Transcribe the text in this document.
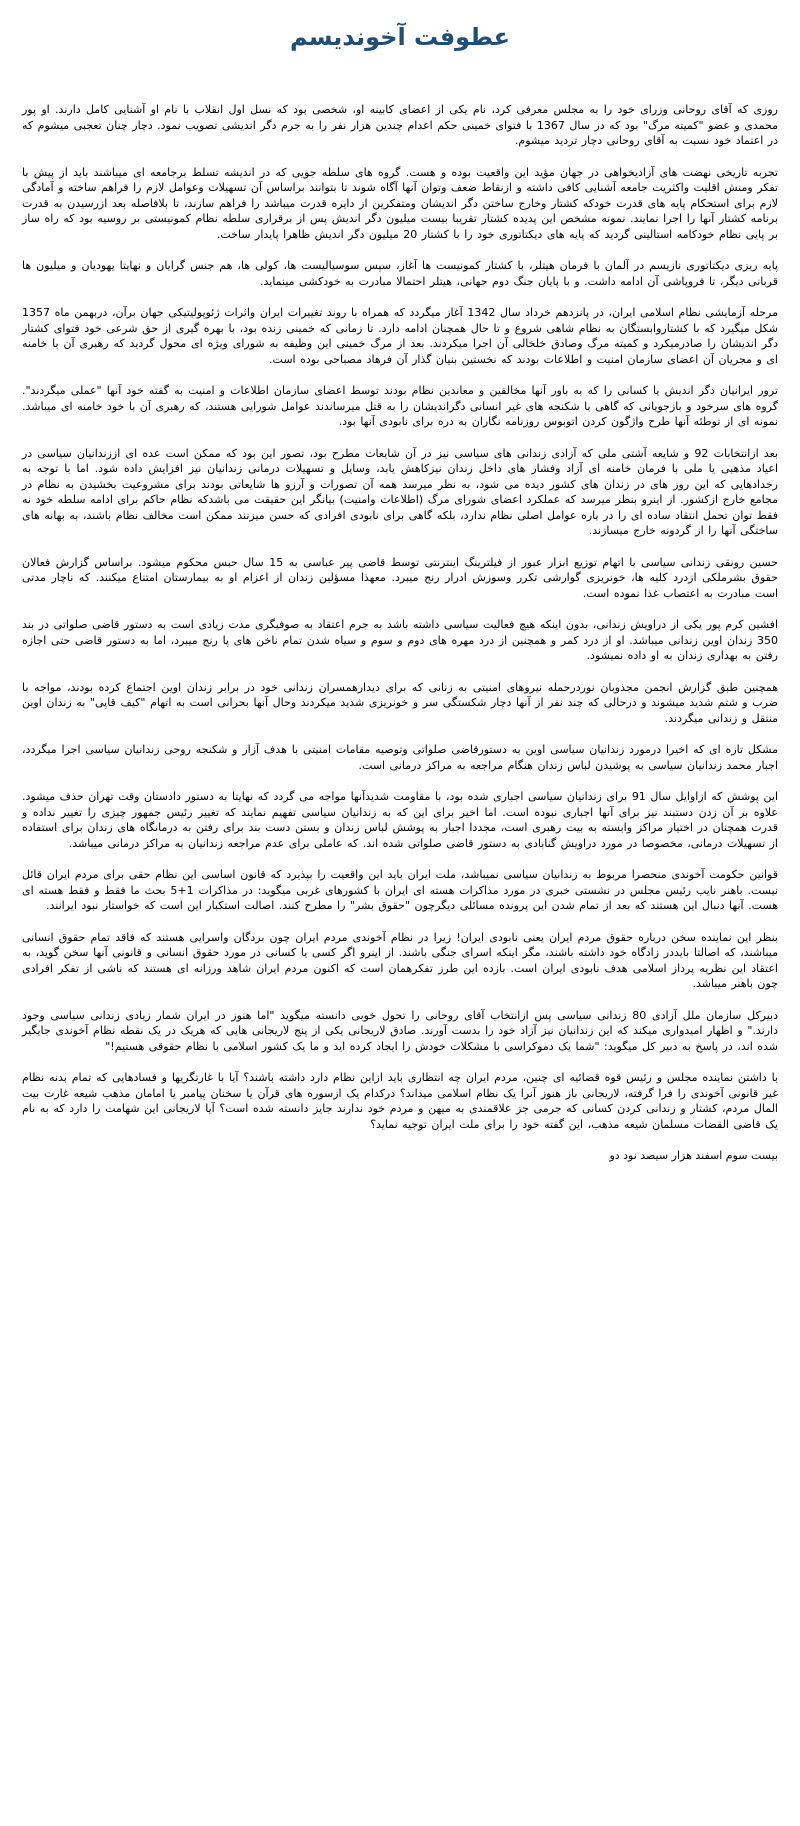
عطوفت آخوندیسم

روزی که آقای روحانی وزرای خود را به مجلس معرفی کرد، نام یکی از اعضای کابینه او، شخصی بود که نسل اول انقلاب با نام او آشنایی کامل دارند. او پور محمدی و عضو "کمیته مرگ" بود که در سال 1367 با فتوای خمینی حکم اعدام چندین هزار نفر را به جرم دگر اندیشی تصویب نمود. دچار چنان تعجبی میشوم که در اعتماد خود نسبت به آقای روحانی دچار تردید میشوم.

تجربه تاریخی نهضت های آزادیخواهی در جهان مؤید این واقعیت بوده و هست. گروه های سلطه جویی که در اندیشه تسلط برجامعه ای میباشند باید از پیش با تفکر ومنش اقلیت واکثریت جامعه آشنایی کافی داشته و ازنقاط ضعف وتوان آنها آگاه شوند تا بتوانند براساس آن تسهیلات وعوامل لازم را فراهم ساخته و آمادگی لازم برای استحکام پایه های قدرت خودکه کشتار وخارج ساختن دگر اندیشان ومتفکرین از دایره قدرت میباشد را فراهم سازند، تا بلافاصله بعد ازرسیدن به قدرت برنامه کشتار آنها را اجرا نمایند. نمونه مشخص این پدیده کشتار تقریبا بیست میلیون دگر اندیش پس از برقراری سلطه نظام کمونیستی بر روسیه بود که راه ساز بر پایی نظام خودکامه استالینی گردید که پایه های دیکتاتوری خود را با کشتار 20 میلیون دگر اندیش ظاهرا پایدار ساخت.

پایه ریزی دیکتاتوری نازیسم در آلمان با فرمان هیتلر، با کشتار کمونیست ها آغاز، سپس سوسیالیست ها، کولی ها، هم جنس گرایان و نهایتا یهودیان و میلیون ها قربانی دیگر، تا فروپاشی آن ادامه داشت. و با پایان جنگ دوم جهانی، هیتلر احتمالا مبادرت به خودکشی مینماید.

مرحله آزمایشی نظام اسلامی ایران، در پانزدهم خرداد سال 1342 آغاز میگردد که همراه با روند تغییرات ایران واثرات ژئوپولیتیکی جهان برآن، دربهمن ماه 1357 شکل میگیرد که با کشتاروابستگان به نظام شاهی شروع و تا حال همچنان ادامه دارد. تا زمانی که خمینی زنده بود، با بهره گیری از حق شرعی خود فتوای کشتار دگر اندیشان را صادرمیکرد و کمیته مرگ وصادق خلخالی آن اجرا میکردند. بعد از مرگ خمینی این وظیفه به شورای ویژه ای محول گردید که رهبری آن با خامنه ای و مجریان آن اعضای سازمان امنیت و اطلاعات بودند که نخستین بنیان گذار آن فرهاد مصباحی بوده است.

ترور ایرانیان دگر اندیش یا کسانی را که به باور آنها مخالفین و معاندین نظام بودند توسط اعضای سازمان اطلاعات و امنیت به گفته خود آنها "عملی میگردند". گروه های سرخود و بازجویانی که گاهی با شکنجه های غیر انسانی دگراندیشان را به قتل میرساندند عوامل شورایی هستند، که رهبری آن با خود خامنه ای میباشد. نمونه ای از توطئه آنها طرح واژگون کردن اتوبوس روزنامه نگاران به دره برای نابودی آنها بود.

بعد ازانتخابات 92 و شایعه آشتی ملی که آزادی زندانی های سیاسی نیز در آن شایعات مطرح بود، تصور این بود که ممکن است عده ای اززندانیان سیاسی در اعیاد مذهبی یا ملی با فرمان خامنه ای آزاد وفشار های داخل زندان نیزکاهش یابد، وسایل و تسهیلات درمانی زندانیان نیز افزایش داده شود. اما با توجه به رخدادهایی که این روز های در زندان های کشور دیده می شود، به نظر میرسد همه آن تصورات و آرزو ها شایعاتی بودند برای مشروعیت بخشیدن به نظام در مجامع خارج ازکشور. از اینرو بنظر میرسد که عملکرد اعضای شورای مرگ (اطلاعات وامنیت) بیانگر این حقیقت می باشدکه نظام حاکم برای ادامه سلطه خود نه فقط توان تحمل انتقاد ساده ای را در باره عوامل اصلی نظام ندارد، بلکه گاهی برای نابودی افرادی که حسن میزنند ممکن است مخالف نظام باشند، به بهانه های ساختگی آنها را از گردونه خارج میسازند.

حسین رونقی زندانی سیاسی با اتهام توزیع ابزار عبور از فیلترینگ اینترنتی توسط قاضی پیر عباسی به 15 سال حبس محکوم میشود. براساس گزارش فعالان حقوق بشرملکی ازدرد کلیه ها، خونریزی گوارشی تکرر وسوزش ادرار رنج میبرد. معهذا مسؤلین زندان از اعزام او به بیمارستان امتناع میکنند. که ناچار مدتی است مبادرت به اعتصاب غذا نموده است.

افشین کرم پور یکی از دراویش زندانی، بدون اینکه هیچ فعالیت سیاسی داشته باشد به جرم اعتقاد به صوفیگری مدت زیادی است به دستور قاضی صلواتی در بند 350 زندان اوین زندانی میباشد. او از درد کمر و همچنین از درد مهره های دوم و سوم و سیاه شدن تمام ناخن های پا رنج میبرد، اما به دستور قاضی حتی اجازه رفتن به بهداری زندان به او داده نمیشود.

همچنین طبق گزارش انجمن مجذوبان نوردرحمله نیروهای امنیتی به زنانی که برای دیدارهمسران زندانی خود در برابر زندان اوین اجتماع کرده بودند، مواجه با ضرب و شتم شدید میشوند و درحالی که چند نفر از آنها دچار شکستگی سر و خونریزی شدید میکردند وحال آنها بحرانی است به اتهام "کیف قاپی" به زندان اوین منتقل و زندانی میگردند.

مشکل تازه ای که اخیرا درمورد زندانیان سیاسی اوین به دستورقاضی صلواتی وتوصیه مقامات امنیتی با هدف آزار و شکنجه روحی زندانیان سیاسی اجرا میگردد، اجبار محمد زندانیان سیاسی به پوشیدن لباس زندان هنگام مراجعه به مراکز درمانی است.

این پوشش که ازاوایل سال 91 برای زندانیان سیاسی اجباری شده بود، با مقاومت شدیدآنها مواجه می گردد که نهایتا به دستور دادستان وقت تهران حذف میشود. علاوه بر آن زدن دستبند نیز برای آنها اجباری نبوده است. اما اخیر برای این که به زندانیان سیاسی تفهیم نمایند که تغییر رئیس جمهور چیزی را تغییر نداده و قدرت همچنان در اختیار مراکز وابسته به بیت رهبری است، مجددا اجبار به پوشش لباس زندان و بستن دست بند برای رفتن به درمانگاه های زندان برای استفاده از تسهیلات درمانی، مخصوصا در مورد دراویش گنابادی به دستور قاضی صلواتی شده اند. که عاملی برای عدم مراجعه زندانیان به مراکز درمانی میباشد.

قوانین حکومت آخوندی منحصرا مربوط به زندانیان سیاسی نمیباشد، ملت ایران باید این واقعیت را بپذیرد که قانون اساسی این نظام حقی برای مردم ایران قائل نیست. باهنر نایب رئیس مجلس در نشستی خبری در مورد مذاکرات هسته ای ایران با کشورهای غربی میگوید: در مذاکرات 1+5 بحث ما فقط و فقط هسته ای هست. آنها دنبال این هستند که بعد از تمام شدن این پرونده مسائلی دیگرچون "حقوق بشر" را مطرح کنند. اصالت استکبار این است که خواستار نبود ایرانند.

بنظر این نماینده سخن درباره حقوق مردم ایران یعنی نابودی ایران! زیرا در نظام آخوندی مردم ایران چون بردگان واسرایی هستند که فاقد تمام حقوق انسانی میباشند، که اصالتا بایددر زادگاه خود داشته باشند، مگر اینکه اسرای جنگی باشند. از اینرو اگر کسی یا کسانی در مورد حقوق انسانی و قانونی آنها سخن گوید، به اعتقاد این نظریه پرداز اسلامی هدف نابودی ایران است. بازده این طرز تفکرهمان است که اکنون مردم ایران شاهد ورزانه ای هستند که ناشی از تفکر افرادی چون باهنر میباشد.

دبیرکل سازمان ملل آزادی 80 زندانی سیاسی پس ازانتخاب آقای روحانی را تحول خوبی دانسته میگوید "اما هنوز در ایران شمار زیادی زندانی سیاسی وجود دارند." و اظهار امیدواری میکند که این زندانیان نیز آزاد خود را بدست آورند. صادق لاریجانی یکی از پنج لاریجانی هایی که هریک در یک نقطه نظام آخوندی جایگیر شده اند، در پاسخ به دبیر کل میگوید: "شما یک دموکراسی با مشکلات خودش را ایجاد کرده اید و ما یک کشور اسلامی با نظام حقوقی هستیم!"

با داشتن نماینده مجلس و رئیس قوه قضائیه ای چنین، مردم ایران چه انتظاری باید ازاین نظام دارد داشته باشند؟ آیا با غارتگریها و فسادهایی که تمام بدنه نظام غیر قانونی آخوندی را فرا گرفته، لاریجانی باز هنوز آنرا یک نظام اسلامی میداند؟ درکدام یک ازسوره های قرآن یا سخنان پیامبر یا امامان مذهب شیعه غارت بیت المال مردم، کشتار و زندانی کردن کسانی که جرمی جز علاقمندی به میهن و مردم خود ندارند جایز دانسته شده است؟ آیا لاریجانی این شهامت را دارد که به نام یک قاضی القضات مسلمان شیعه مذهب، این گفته خود را برای ملت ایران توجیه نماید؟

بیست سوم اسفند هزار سیصد نود دو
